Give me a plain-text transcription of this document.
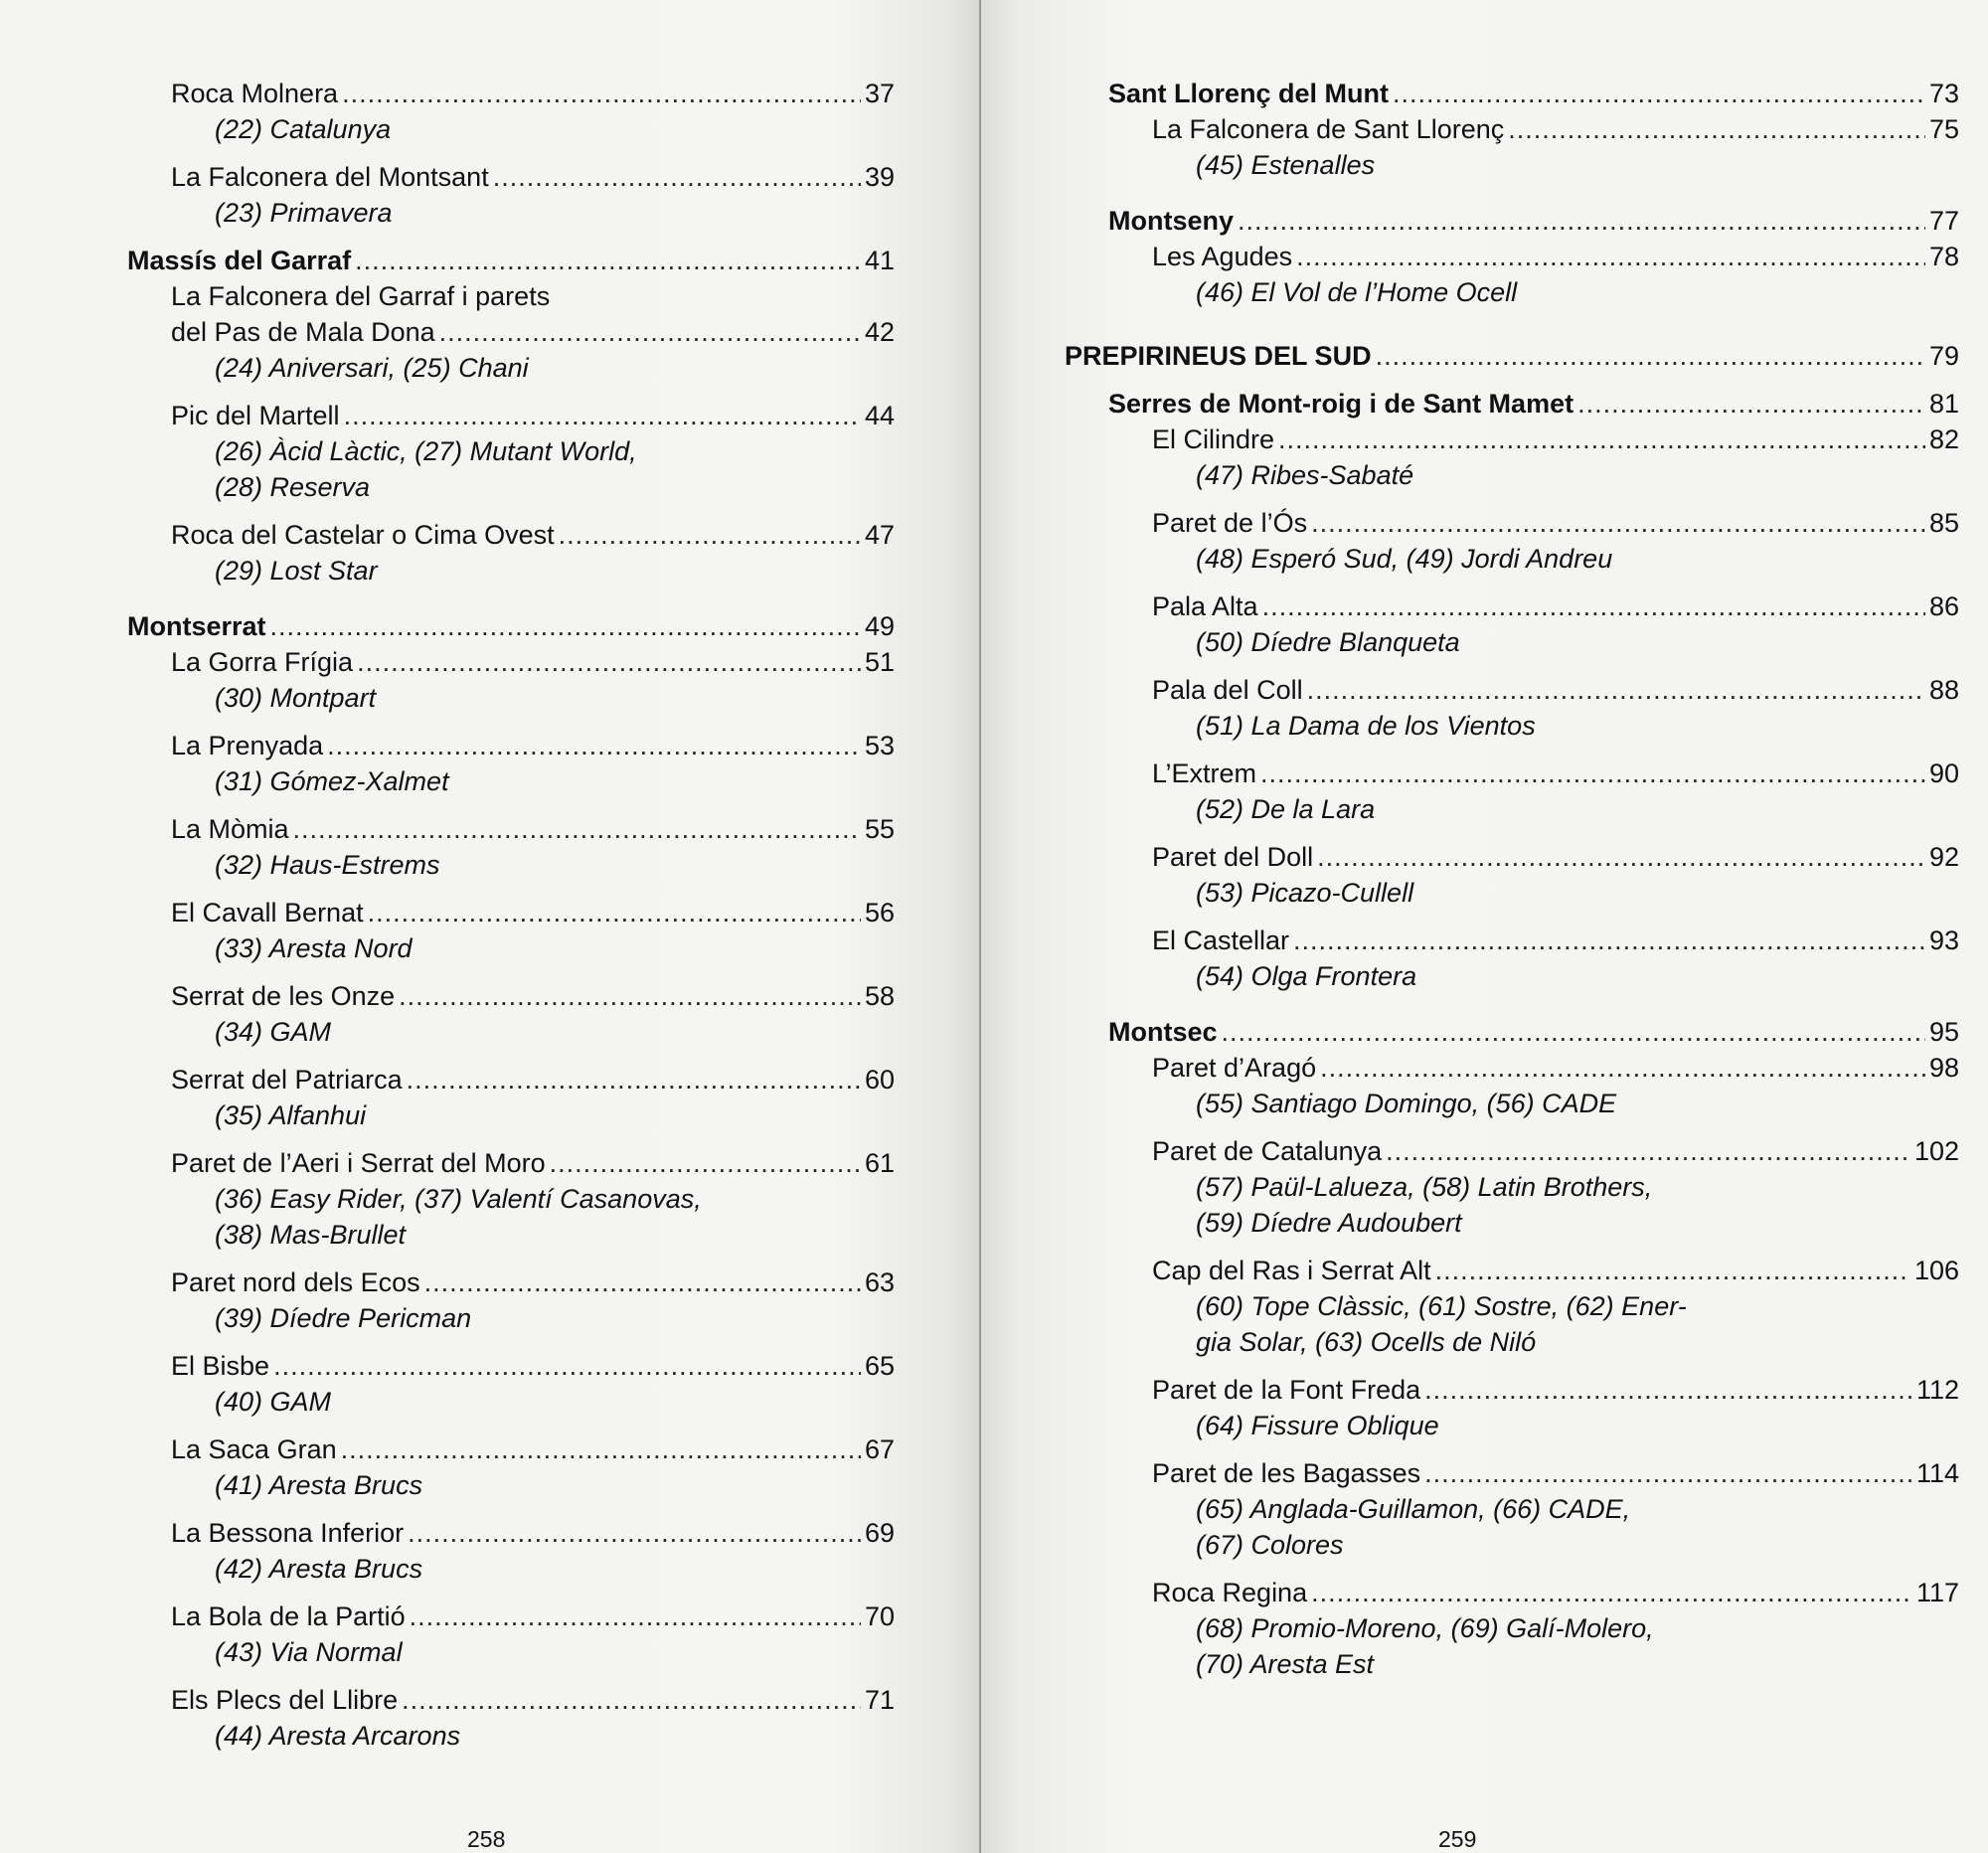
Roca Molnera .....	37
(22) Catalunya
La Falconera del Montsant .....	39
(23) Primavera
Massís del Garraf .....	41
La Falconera del Garraf i parets
del Pas de Mala Dona .....	42
(24) Aniversari, (25) Chani
Pic del Martell .....	44
(26) Àcid Làctic, (27) Mutant World,
(28) Reserva
Roca del Castelar o Cima Ovest .....	47
(29) Lost Star
Montserrat .....	49
La Gorra Frígia .....	51
(30) Montpart
La Prenyada .....	53
(31) Gómez-Xalmet
La Mòmia .....	55
(32) Haus-Estrems
El Cavall Bernat .....	56
(33) Aresta Nord
Serrat de les Onze .....	58
(34) GAM
Serrat del Patriarca .....	60
(35) Alfanhui
Paret de l’Aeri i Serrat del Moro .....	61
(36) Easy Rider, (37) Valentí Casanovas,
(38) Mas-Brullet
Paret nord dels Ecos .....	63
(39) Díedre Pericman
El Bisbe .....	65
(40) GAM
La Saca Gran .....	67
(41) Aresta Brucs
La Bessona Inferior .....	69
(42) Aresta Brucs
La Bola de la Partió .....	70
(43) Via Normal
Els Plecs del Llibre .....	71
(44) Aresta Arcarons
258
Sant Llorenç del Munt .....	73
La Falconera de Sant Llorenç .....	75
(45) Estenalles
Montseny .....	77
Les Agudes .....	78
(46) El Vol de l’Home Ocell
PREPIRINEUS DEL SUD .....	79
Serres de Mont-roig i de Sant Mamet .....	81
El Cilindre .....	82
(47) Ribes-Sabaté
Paret de l’Ós .....	85
(48) Esperó Sud, (49) Jordi Andreu
Pala Alta .....	86
(50) Díedre Blanqueta
Pala del Coll .....	88
(51) La Dama de los Vientos
L’Extrem .....	90
(52) De la Lara
Paret del Doll .....	92
(53) Picazo-Cullell
El Castellar .....	93
(54) Olga Frontera
Montsec .....	95
Paret d’Aragó .....	98
(55) Santiago Domingo, (56) CADE
Paret de Catalunya .....	102
(57) Paül-Lalueza, (58) Latin Brothers,
(59) Díedre Audoubert
Cap del Ras i Serrat Alt .....	106
(60) Tope Clàssic, (61) Sostre, (62) Ener-
gia Solar, (63) Ocells de Niló
Paret de la Font Freda .....	112
(64) Fissure Oblique
Paret de les Bagasses .....	114
(65) Anglada-Guillamon, (66) CADE,
(67) Colores
Roca Regina .....	117
(68) Promio-Moreno, (69) Galí-Molero,
(70) Aresta Est
259
